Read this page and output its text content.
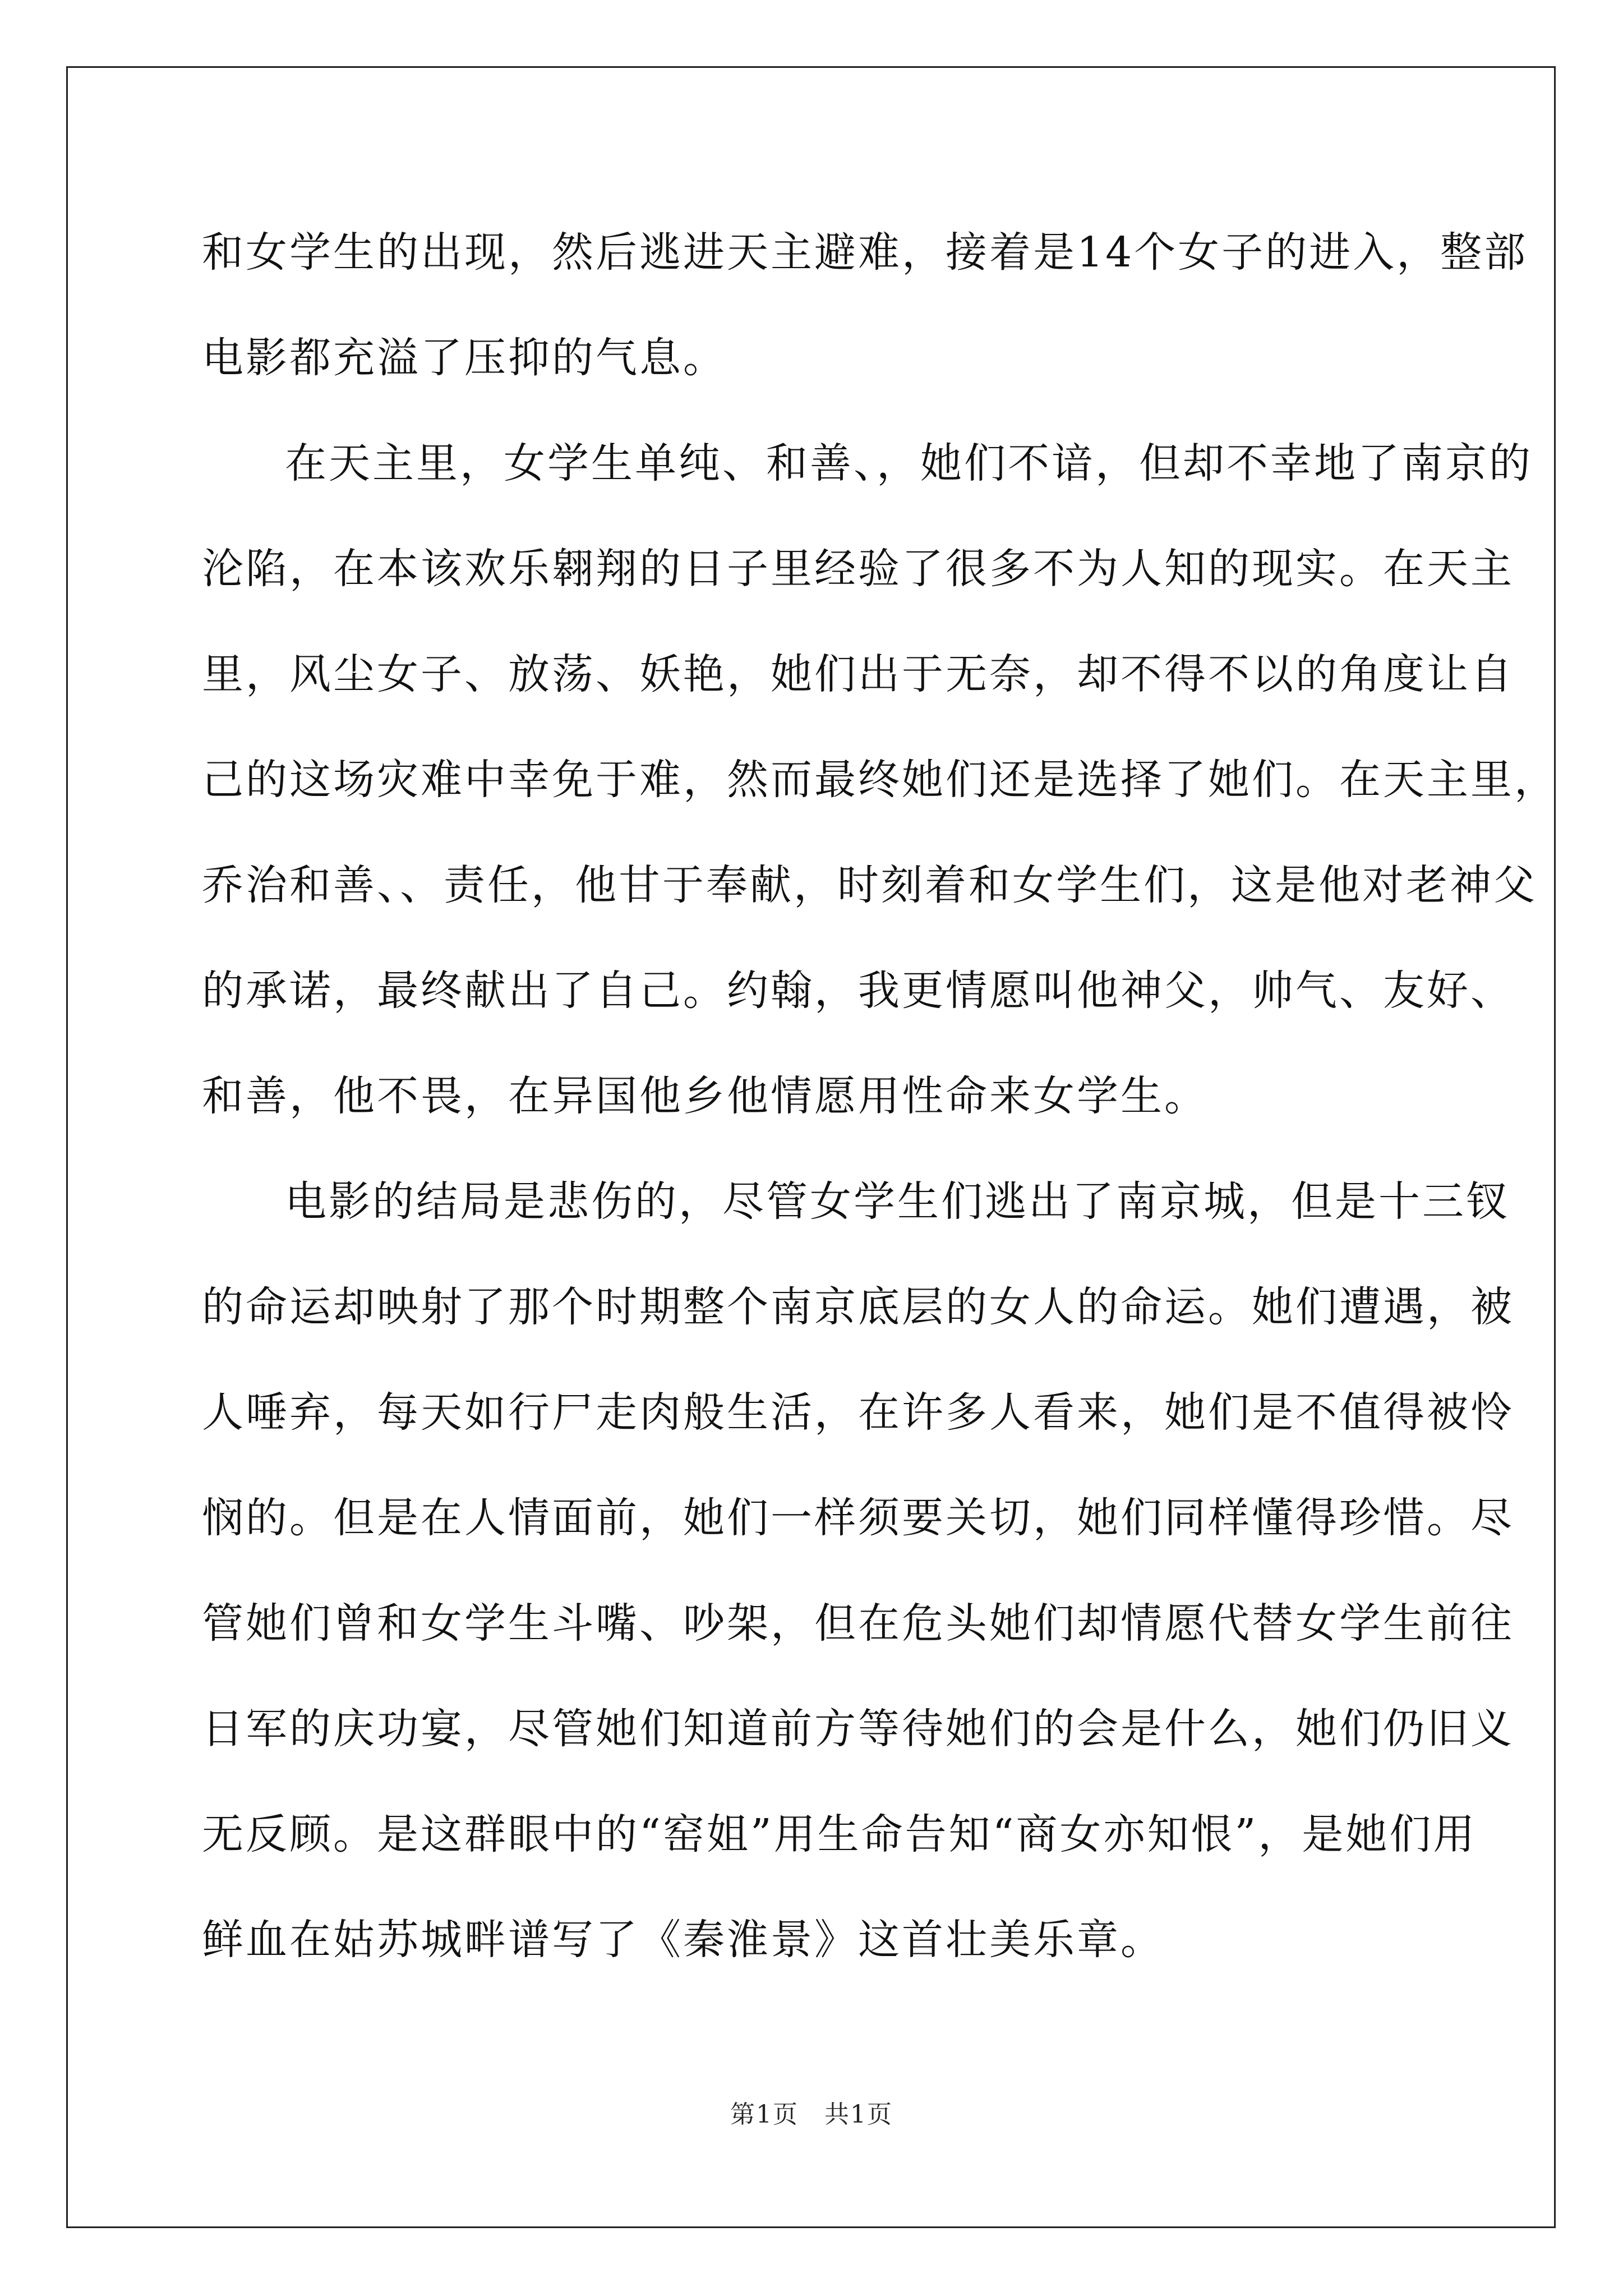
和女学生的出现，然后逃进天主避难，接着是14个女子的进入，整部
电影都充溢了压抑的气息。
在天主里，女学生单纯、和善、，她们不谙，但却不幸地了南京的
沦陷，在本该欢乐翱翔的日子里经验了很多不为人知的现实。在天主
里，风尘女子、放荡、妖艳，她们出于无奈，却不得不以的角度让自
己的这场灾难中幸免于难，然而最终她们还是选择了她们。在天主里，
乔治和善、、责任，他甘于奉献，时刻着和女学生们，这是他对老神父
的承诺，最终献出了自己。约翰，我更情愿叫他神父，帅气、友好、
和善，他不畏，在异国他乡他情愿用性命来女学生。
电影的结局是悲伤的，尽管女学生们逃出了南京城，但是十三钗
的命运却映射了那个时期整个南京底层的女人的命运。她们遭遇，被
人唾弃，每天如行尸走肉般生活，在许多人看来，她们是不值得被怜
悯的。但是在人情面前，她们一样须要关切，她们同样懂得珍惜。尽
管她们曾和女学生斗嘴、吵架，但在危头她们却情愿代替女学生前往
日军的庆功宴，尽管她们知道前方等待她们的会是什么，她们仍旧义
无反顾。是这群眼中的“窑姐”用生命告知“商女亦知恨”，是她们用
鲜血在姑苏城畔谱写了《秦淮景》这首壮美乐章。
第1页　共1页
